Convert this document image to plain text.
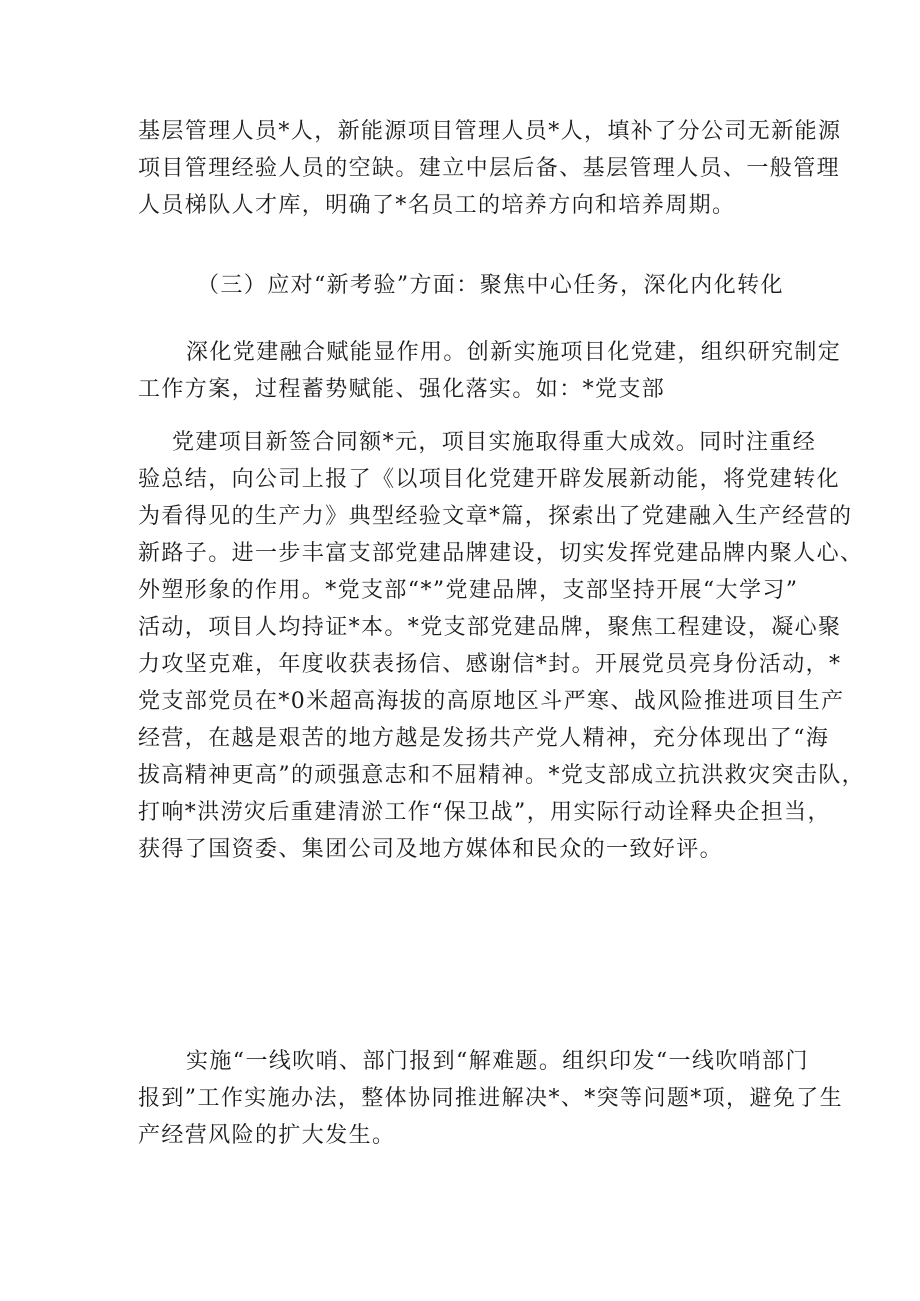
基层管理人员*人，新能源项目管理人员*人，填补了分公司无新能源
项目管理经验人员的空缺。建立中层后备、基层管理人员、一般管理
人员梯队人才库，明确了*名员工的培养方向和培养周期。
（三）应对“新考验”方面：聚焦中心任务，深化内化转化
深化党建融合赋能显作用。创新实施项目化党建，组织研究制定
工作方案，过程蓄势赋能、强化落实。如：*党支部
党建项目新签合同额*元，项目实施取得重大成效。同时注重经
验总结，向公司上报了《以项目化党建开辟发展新动能，将党建转化
为看得见的生产力》典型经验文章*篇，探索出了党建融入生产经营的
新路子。进一步丰富支部党建品牌建设，切实发挥党建品牌内聚人心、
外塑形象的作用。*党支部“*”党建品牌，支部坚持开展“大学习”
活动，项目人均持证*本。*党支部党建品牌，聚焦工程建设，凝心聚
力攻坚克难，年度收获表扬信、感谢信*封。开展党员亮身份活动，*
党支部党员在*0米超高海拔的高原地区斗严寒、战风险推进项目生产
经营，在越是艰苦的地方越是发扬共产党人精神，充分体现出了“海
拔高精神更高”的顽强意志和不屈精神。*党支部成立抗洪救灾突击队，
打响*洪涝灾后重建清淤工作“保卫战”，用实际行动诠释央企担当，
获得了国资委、集团公司及地方媒体和民众的一致好评。
实施“一线吹哨、部门报到“解难题。组织印发“一线吹哨部门
报到”工作实施办法，整体协同推进解决*、*突等问题*项，避免了生
产经营风险的扩大发生。
